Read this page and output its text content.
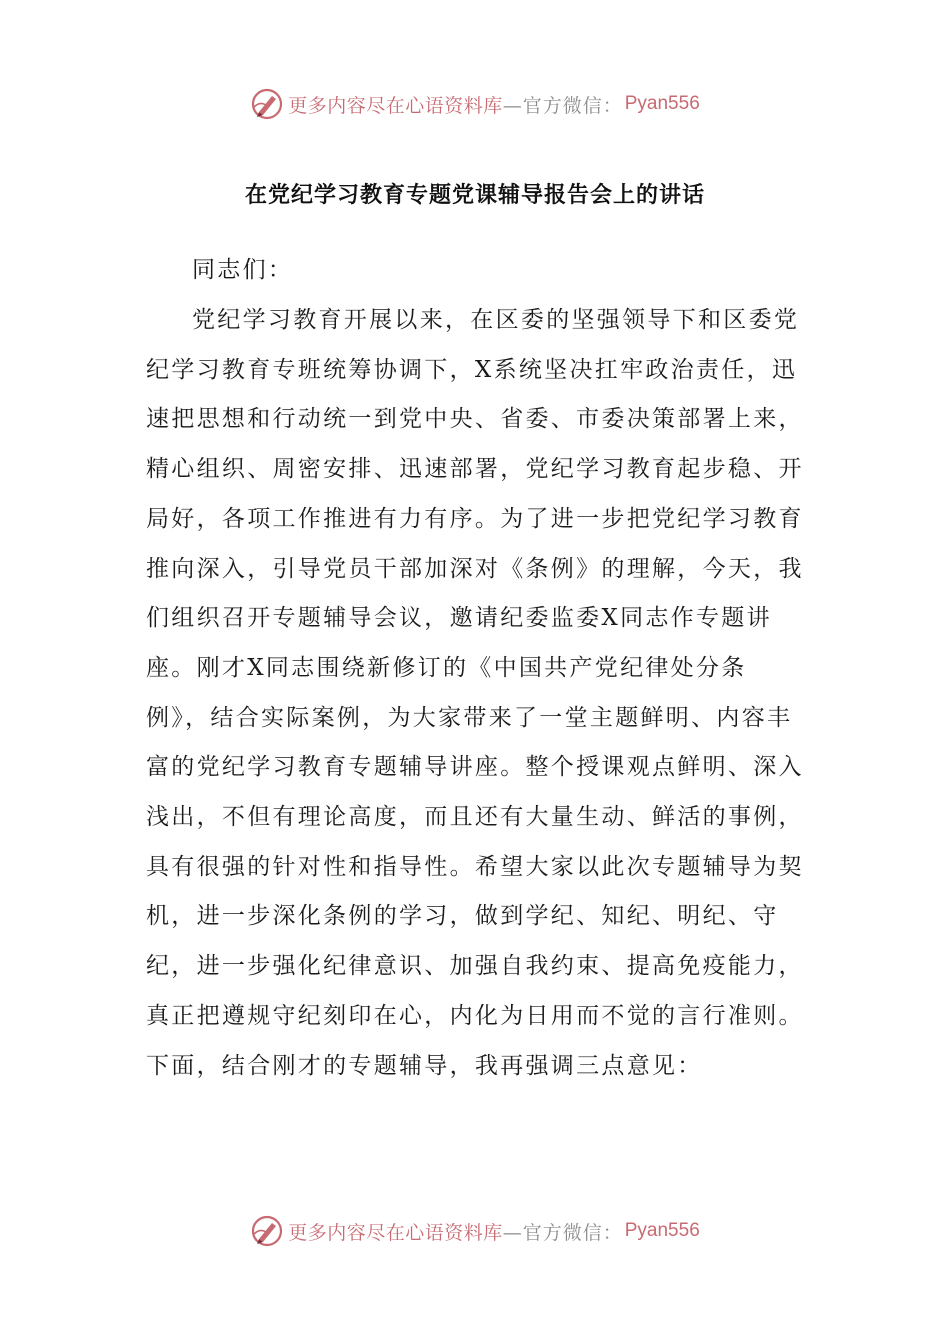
更多内容尽在心语资料库 —官方微信： Pyan556
在党纪学习教育专题党课辅导报告会上的讲话

同志们：

党纪学习教育开展以来，在区委的坚强领导下和区委党纪学习教育专班统筹协调下，X系统坚决扛牢政治责任，迅速把思想和行动统一到党中央、省委、市委决策部署上来，精心组织、周密安排、迅速部署，党纪学习教育起步稳、开局好，各项工作推进有力有序。为了进一步把党纪学习教育推向深入，引导党员干部加深对《条例》的理解，今天，我们组织召开专题辅导会议，邀请纪委监委X同志作专题讲座。刚才X同志围绕新修订的《中国共产党纪律处分条例》，结合实际案例，为大家带来了一堂主题鲜明、内容丰富的党纪学习教育专题辅导讲座。整个授课观点鲜明、深入浅出，不但有理论高度，而且还有大量生动、鲜活的事例，具有很强的针对性和指导性。希望大家以此次专题辅导为契机，进一步深化条例的学习，做到学纪、知纪、明纪、守纪，进一步强化纪律意识、加强自我约束、提高免疫能力，真正把遵规守纪刻印在心，内化为日用而不觉的言行准则。下面，结合刚才的专题辅导，我再强调三点意见：

更多内容尽在心语资料库 —官方微信： Pyan556
